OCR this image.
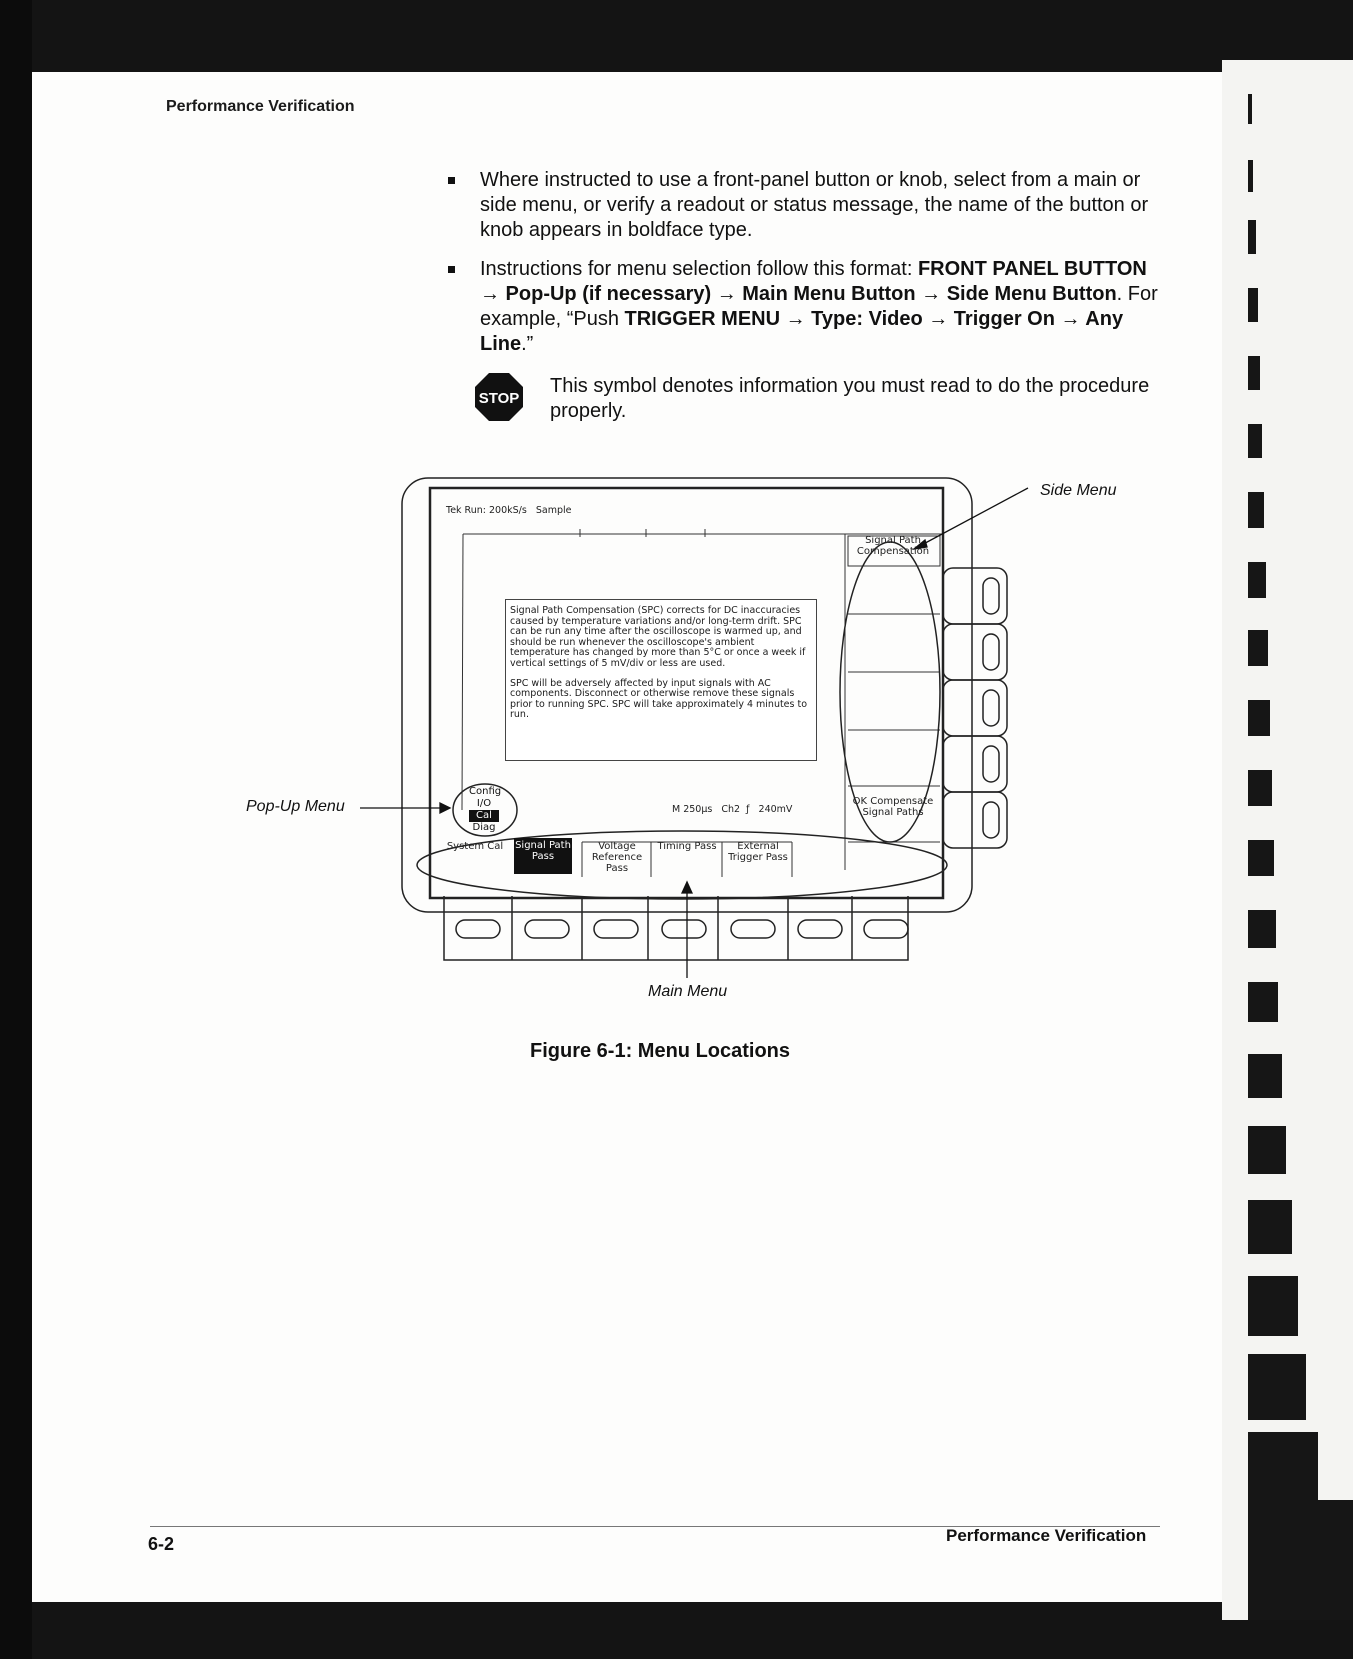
Performance Verification
Where instructed to use a front-panel button or knob, select from a main or side menu, or verify a readout or status message, the name of the button or knob appears in boldface type.
Instructions for menu selection follow this format: FRONT PANEL BUTTON → Pop-Up (if necessary) → Main Menu Button → Side Menu Button. For example, “Push TRIGGER MENU → Type: Video → Trigger On → Any Line.”
STOP
This symbol denotes information you must read to do the procedure properly.
Side Menu
Pop-Up Menu
Main Menu
Tek Run: 200kS/s   Sample

Signal Path Compensation (SPC) corrects for DC inaccuracies caused by temperature variations and/or long-term drift. SPC can be run any time after the oscilloscope is warmed up, and should be run whenever the oscilloscope's ambient temperature has changed by more than 5°C or once a week if vertical settings of 5 mV/div or less are used.

SPC will be adversely affected by input signals with AC components. Disconnect or otherwise remove these signals prior to running SPC. SPC will take approximately 4 minutes to run.

Signal Path Compensation
OK Compensate Signal Paths
M 250µs   Ch2  ƒ   240mV
Config
I/O
Cal
Diag
System Cal Signal Path Pass
Voltage Reference Pass
Timing Pass	External Trigger Pass
Figure 6-1: Menu Locations
6-2	Performance Verification
